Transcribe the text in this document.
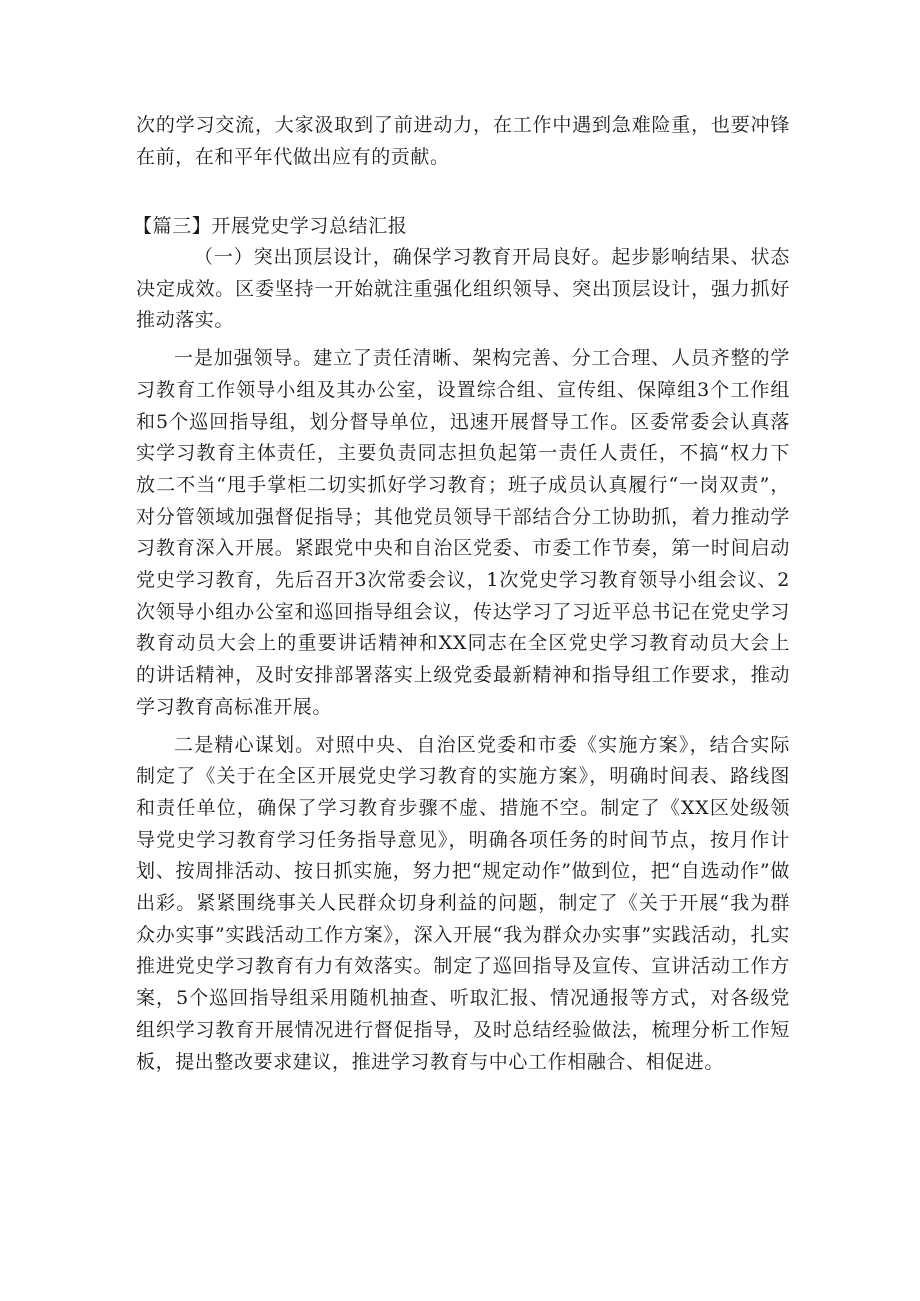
次的学习交流，大家汲取到了前进动力，在工作中遇到急难险重，也要冲锋在前，在和平年代做出应有的贡献。

【篇三】开展党史学习总结汇报

（一）突出顶层设计，确保学习教育开局良好。起步影响结果、状态决定成效。区委坚持一开始就注重强化组织领导、突出顶层设计，强力抓好推动落实。

一是加强领导。建立了责任清晰、架构完善、分工合理、人员齐整的学习教育工作领导小组及其办公室，设置综合组、宣传组、保障组3个工作组和5个巡回指导组，划分督导单位，迅速开展督导工作。区委常委会认真落实学习教育主体责任，主要负责同志担负起第一责任人责任，不搞“权力下放二不当“甩手掌柜二切实抓好学习教育；班子成员认真履行“一岗双责”，对分管领域加强督促指导；其他党员领导干部结合分工协助抓，着力推动学习教育深入开展。紧跟党中央和自治区党委、市委工作节奏，第一时间启动党史学习教育，先后召开3次常委会议，1次党史学习教育领导小组会议、2次领导小组办公室和巡回指导组会议，传达学习了习近平总书记在党史学习教育动员大会上的重要讲话精神和XX同志在全区党史学习教育动员大会上的讲话精神，及时安排部署落实上级党委最新精神和指导组工作要求，推动学习教育高标准开展。

二是精心谋划。对照中央、自治区党委和市委《实施方案》，结合实际制定了《关于在全区开展党史学习教育的实施方案》，明确时间表、路线图和责任单位，确保了学习教育步骤不虚、措施不空。制定了《XX区处级领导党史学习教育学习任务指导意见》，明确各项任务的时间节点，按月作计划、按周排活动、按日抓实施，努力把“规定动作”做到位，把“自选动作”做出彩。紧紧围绕事关人民群众切身利益的问题，制定了《关于开展“我为群众办实事”实践活动工作方案》，深入开展“我为群众办实事”实践活动，扎实推进党史学习教育有力有效落实。制定了巡回指导及宣传、宣讲活动工作方案，5个巡回指导组采用随机抽查、听取汇报、情况通报等方式，对各级党组织学习教育开展情况进行督促指导，及时总结经验做法，梳理分析工作短板，提出整改要求建议，推进学习教育与中心工作相融合、相促进。
